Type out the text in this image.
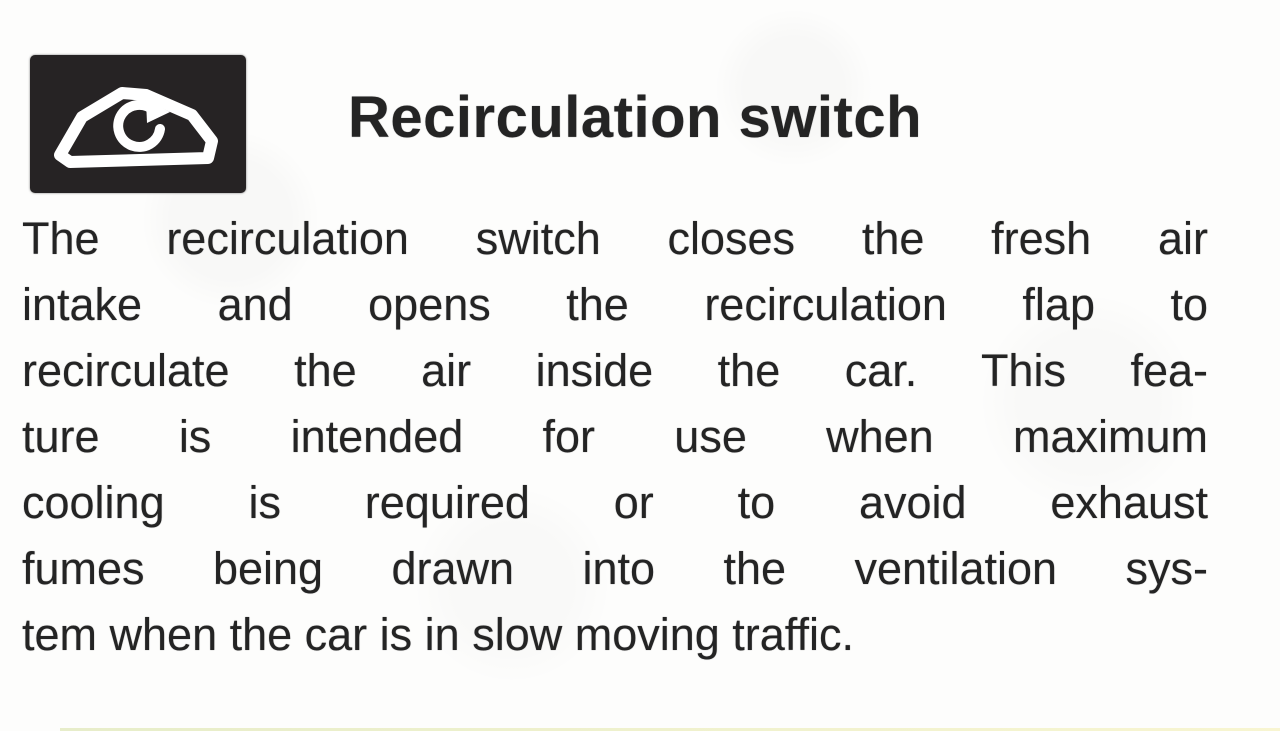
Recirculation switch
The recirculation switch closes the fresh air
intake and opens the recirculation flap to
recirculate the air inside the car. This fea-
ture is intended for use when maximum
cooling is required or to avoid exhaust
fumes being drawn into the ventilation sys-
tem when the car is in slow moving traffic.
